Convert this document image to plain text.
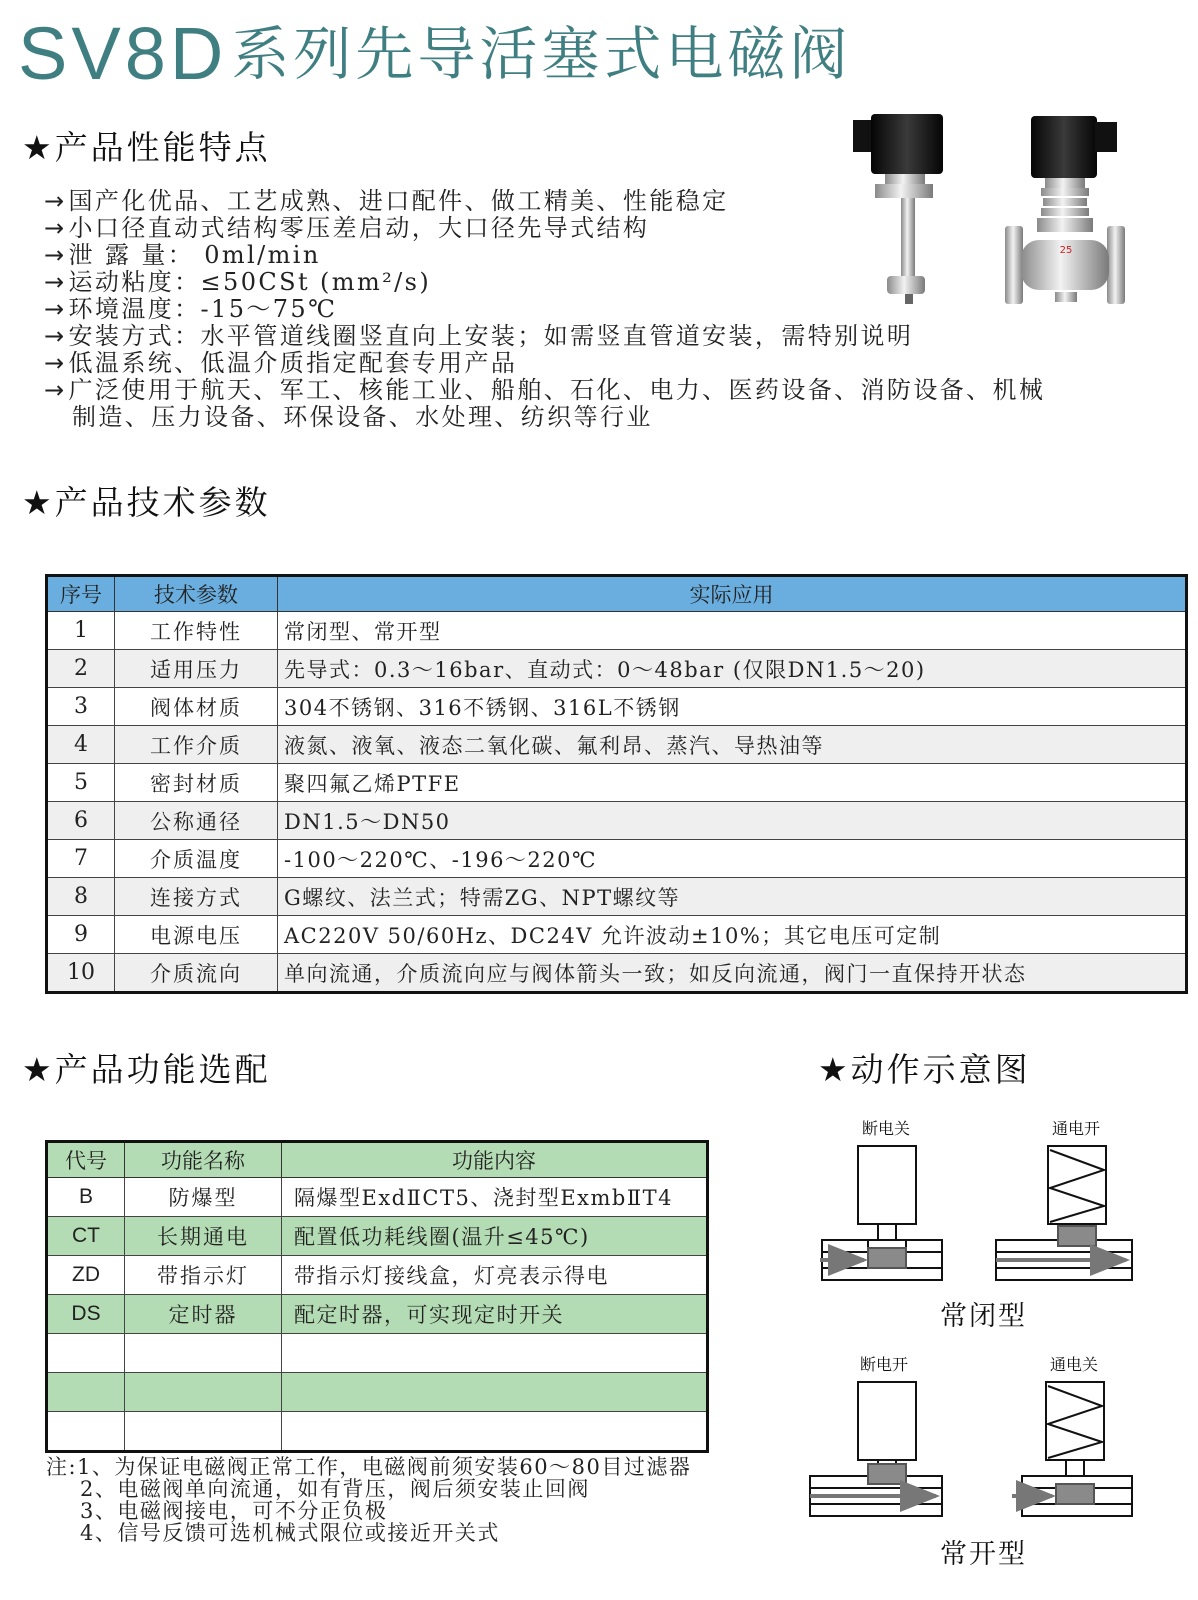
SV8D系列先导活塞式电磁阀
★产品性能特点
25
→国产化优品、工艺成熟、进口配件、做工精美、性能稳定
→小口径直动式结构零压差启动，大口径先导式结构
→泄 露 量： 0ml/min
→运动粘度：≤50CSt (mm²/s)
→环境温度：-15～75℃
→安装方式：水平管道线圈竖直向上安装；如需竖直管道安装，需特别说明
→低温系统、低温介质指定配套专用产品
→广泛使用于航天、军工、核能工业、船舶、石化、电力、医药设备、消防设备、机械
制造、压力设备、环保设备、水处理、纺织等行业
★产品技术参数
序号	技术参数	实际应用
1	工作特性	常闭型、常开型
2	适用压力	先导式：0.3～16bar、直动式：0～48bar (仅限DN1.5～20)
3	阀体材质	304不锈钢、316不锈钢、316L不锈钢
4	工作介质	液氮、液氧、液态二氧化碳、氟利昂、蒸汽、导热油等
5	密封材质	聚四氟乙烯PTFE
6	公称通径	DN1.5～DN50
7	介质温度	-100～220℃、-196～220℃
8	连接方式	G螺纹、法兰式；特需ZG、NPT螺纹等
9	电源电压	AC220V 50/60Hz、DC24V 允许波动±10%；其它电压可定制
10	介质流向	单向流通，介质流向应与阀体箭头一致；如反向流通，阀门一直保持开状态
★产品功能选配
代号	功能名称	功能内容
B	防爆型	隔爆型ExdⅡCT5、浇封型ExmbⅡT4
CT	长期通电	配置低功耗线圈(温升≤45℃)
ZD	带指示灯	带指示灯接线盒，灯亮表示得电
DS	定时器	配定时器，可实现定时开关

注:1、为保证电磁阀正常工作，电磁阀前须安装60～80目过滤器
2、电磁阀单向流通，如有背压，阀后须安装止回阀
3、电磁阀接电，可不分正负极
4、信号反馈可选机械式限位或接近开关式
★动作示意图
断电关	通电开
常闭型
断电开	通电关
常开型
